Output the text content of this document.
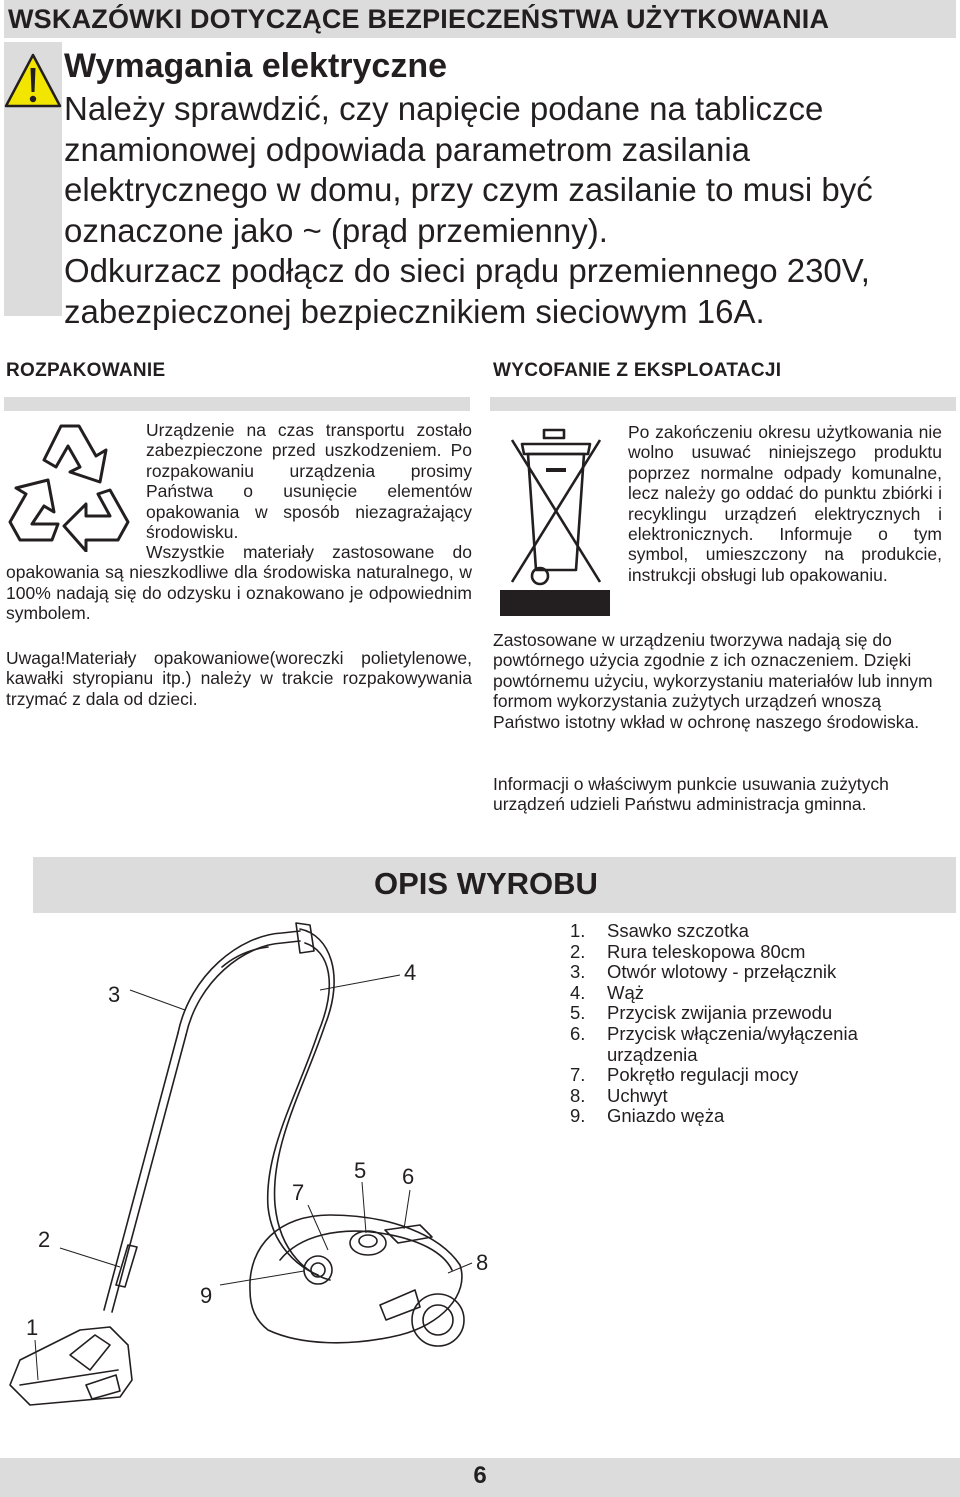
WSKAZÓWKI DOTYCZĄCE BEZPIECZEŃSTWA UŻYTKOWANIA
Wymagania elektryczne

Należy sprawdzić, czy napięcie podane na tabliczce znamionowej odpowiada parametrom zasilania elektrycznego w domu, przy czym zasilanie to musi być oznaczone jako ~ (prąd przemienny).

Odkurzacz podłącz do sieci prądu przemiennego 230V, zabezpieczonej bezpiecznikiem sieciowym 16A.

ROZPAKOWANIE
Urządzenie na czas transportu zostało zabezpieczone przed uszkodzeniem. Po rozpakowaniu urządzenia prosimy Państwa o usunięcie elementów opakowania w sposób niezagrażający środowisku.
Wszystkie materiały zastosowane do opakowania są nieszkodliwe dla środowiska naturalnego, w 100% nadają się do odzysku i oznakowano je odpowiednim symbolem.
Uwaga!Materiały opakowaniowe(woreczki polietylenowe, kawałki styropianu itp.) należy w trakcie rozpakowywania trzymać z dala od dzieci.
WYCOFANIE Z EKSPLOATACJI
Po zakończeniu okresu użytkowania nie wolno usuwać niniejszego produktu poprzez normalne odpady komunalne, lecz należy go oddać do punktu zbiórki i recyklingu urządzeń elektrycznych i elektronicznych. Informuje o tym symbol, umieszczony na produkcie, instrukcji obsługi lub opakowaniu.
Zastosowane w urządzeniu tworzywa nadają się do powtórnego użycia zgodnie z ich oznaczeniem. Dzięki powtórnemu użyciu, wykorzystaniu materiałów lub innym formom wykorzystania zużytych urządzeń wnoszą Państwo istotny wkład w ochronę naszego środowiska.
Informacji o właściwym punkcie usuwania zużytych urządzeń udzieli Państwu administracja gminna.
OPIS WYROBU
1. Ssawko szczotka
2. Rura teleskopowa 80cm
3. Otwór wlotowy - przełącznik
4. Wąż
5. Przycisk zwijania przewodu
6. Przycisk włączenia/wyłączenia urządzenia
7. Pokrętło regulacji mocy
8. Uchwyt
9. Gniazdo węża
1
2
3
4
5 6
7
8
9
6
